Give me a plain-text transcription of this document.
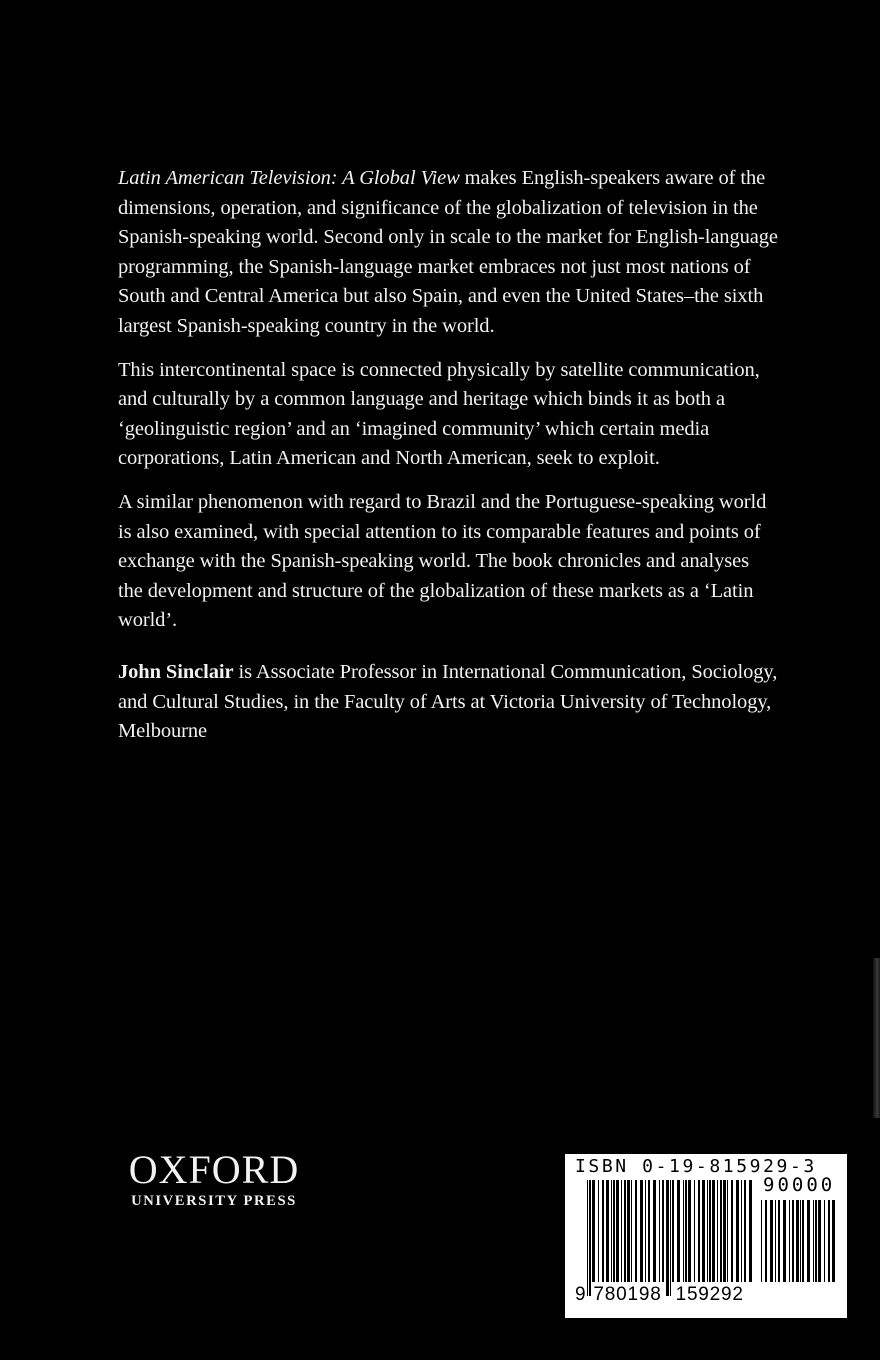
Latin American Television: A Global View makes English-speakers aware of the dimensions, operation, and significance of the globalization of television in the Spanish-speaking world. Second only in scale to the market for English-language programming, the Spanish-language market embraces not just most nations of South and Central America but also Spain, and even the United States–the sixth largest Spanish-speaking country in the world.

This intercontinental space is connected physically by satellite communication, and culturally by a common language and heritage which binds it as both a ‘geolinguistic region’ and an ‘imagined community’ which certain media corporations, Latin American and North American, seek to exploit.

A similar phenomenon with regard to Brazil and the Portuguese-speaking world is also examined, with special attention to its comparable features and points of exchange with the Spanish-speaking world. The book chronicles and analyses the development and structure of the globalization of these markets as a ‘Latin world’.

John Sinclair is Associate Professor in International Communication, Sociology, and Cultural Studies, in the Faculty of Arts at Victoria University of Technology, Melbourne

OXFORD
UNIVERSITY PRESS
ISBN 0-19-815929-3
90000
9 780198 159292
